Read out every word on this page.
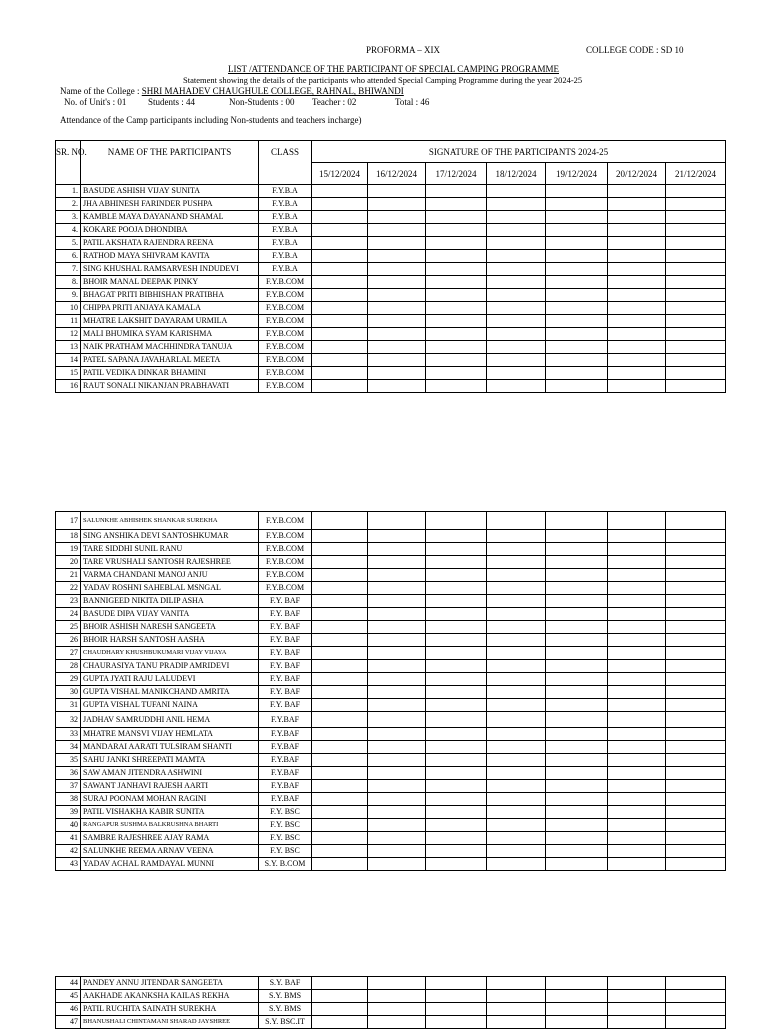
PROFORMA – XIX	COLLEGE CODE : SD 10
LIST /ATTENDANCE OF THE PARTICIPANT OF SPECIAL CAMPING PROGRAMME
Statement showing the details of the participants who attended Special Camping Programme during the year 2024-25
Name of the College : SHRI MAHADEV CHAUGHULE COLLEGE, RAHNAL, BHIWANDI
No. of Unit's : 01 Students : 44	Non-Students : 00 Teacher : 02	Total : 46
Attendance of the Camp participants including Non-students and teachers incharge)
SR. NO.	NAME OF THE PARTICIPANTS	CLASS	SIGNATURE OF THE PARTICIPANTS 2024-25						
			15/12/2024	16/12/2024	17/12/2024	18/12/2024	19/12/2024	20/12/2024	21/12/2024
1.	BASUDE ASHISH VIJAY SUNITA	F.Y.B.A							
2.	JHA ABHINESH FARINDER PUSHPA	F.Y.B.A							
3.	KAMBLE MAYA DAYANAND SHAMAL	F.Y.B.A							
4.	KOKARE POOJA DHONDIBA	F.Y.B.A							
5.	PATIL AKSHATA RAJENDRA REENA	F.Y.B.A							
6.	RATHOD MAYA SHIVRAM KAVITA	F.Y.B.A							
7.	SING KHUSHAL RAMSARVESH INDUDEVI	F.Y.B.A							
8.	BHOIR MANAL DEEPAK PINKY	F.Y.B.COM							
9.	BHAGAT PRITI BIBHISHAN PRATIBHA	F.Y.B.COM							
10	CHIPPA PRITI ANJAYA KAMALA	F.Y.B.COM							
11	MHATRE LAKSHIT DAYARAM URMILA	F.Y.B.COM							
12	MALI BHUMIKA SYAM KARISHMA	F.Y.B.COM							
13	NAIK PRATHAM MACHHINDRA TANUJA	F.Y.B.COM							
14	PATEL SAPANA JAVAHARLAL MEETA	F.Y.B.COM							
15	PATIL VEDIKA DINKAR BHAMINI	F.Y.B.COM							
16	RAUT SONALI NIKANJAN PRABHAVATI	F.Y.B.COM							
17	SALUNKHE ABHISHEK SHANKAR SUREKHA	F.Y.B.COM							
18	SING ANSHIKA DEVI SANTOSHKUMAR	F.Y.B.COM							
19	TARE SIDDHI SUNIL RANU	F.Y.B.COM							
20	TARE VRUSHALI SANTOSH RAJESHREE	F.Y.B.COM							
21	VARMA CHANDANI MANOJ ANJU	F.Y.B.COM							
22	YADAV ROSHNI SAHEBLAL MSNGAL	F.Y.B.COM							
23	BANNIGEED NIKITA DILIP ASHA	F.Y. BAF							
24	BASUDE DIPA VIJAY VANITA	F.Y. BAF							
25	BHOIR ASHISH NARESH SANGEETA	F.Y. BAF							
26	BHOIR HARSH SANTOSH AASHA	F.Y. BAF							
27	CHAUDHARY KHUSHBUKUMARI VIJAY VIJAYA	F.Y. BAF							
28	CHAURASIYA TANU PRADIP AMRIDEVI	F.Y. BAF							
29	GUPTA JYATI RAJU LALUDEVI	F.Y. BAF							
30	GUPTA VISHAL MANIKCHAND AMRITA	F.Y. BAF							
31	GUPTA VISHAL TUFANI NAINA	F.Y. BAF							
32	JADHAV SAMRUDDHI ANIL HEMA	F.Y.BAF							
33	MHATRE MANSVI VIJAY HEMLATA	F.Y.BAF							
34	MANDARAI AARATI TULSIRAM SHANTI	F.Y.BAF							
35	SAHU JANKI SHREEPATI MAMTA	F.Y.BAF							
36	SAW AMAN JITENDRA ASHWINI	F.Y.BAF							
37	SAWANT JANHAVI RAJESH AARTI	F.Y.BAF							
38	SURAJ POONAM MOHAN RAGINI	F.Y.BAF							
39	PATIL VISHAKHA KABIR SUNITA	F.Y. BSC							
40	RANGAPUR SUSHMA BALKRUSHNA BHARTI	F.Y. BSC							
41	SAMBRE RAJESHREE AJAY RAMA	F.Y. BSC							
42	SALUNKHE REEMA ARNAV VEENA	F.Y. BSC							
43	YADAV ACHAL RAMDAYAL MUNNI	S.Y. B.COM							
44	PANDEY ANNU JITENDAR SANGEETA	S.Y. BAF							
45	AAKHADE AKANKSHA KAILAS REKHA	S.Y. BMS							
46	PATIL RUCHITA SAINATH SUREKHA	S.Y. BMS							
47	BHANUSHALI CHINTAMANI SHARAD JAYSHREE	S.Y. BSC.IT							
